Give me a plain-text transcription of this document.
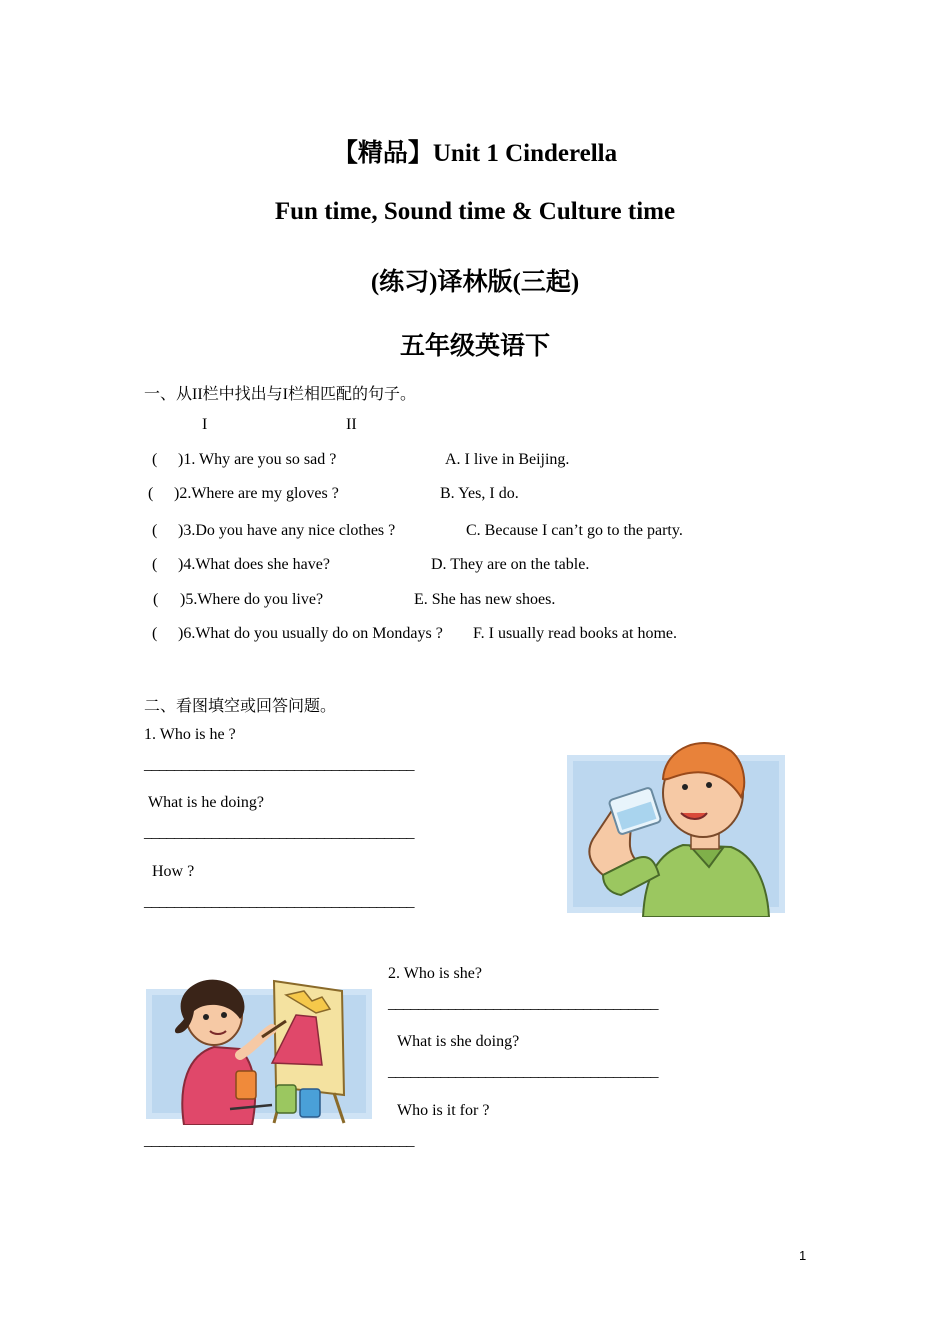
【精品】Unit 1 Cinderella
Fun time, Sound time & Culture time
(练习)译林版(三起)
五年级英语下
一、从II栏中找出与I栏相匹配的句子。
I	II
( )1. Why are you so sad ?	A. I live in Beijing.
( )2.Where are my gloves ?	B. Yes, I do.
( )3.Do you have any nice clothes ?	C. Because I can’t go to the party.
( )4.What does she have?	D. They are on the table.
( )5.Where do you live?	E. She has new shoes.
( )6.What do you usually do on Mondays ? F. I usually read books at home.
二、看图填空或回答问题。
1. Who is he ?
____________________________________
What is he doing?
____________________________________
How ?
____________________________________
2. Who is she?
____________________________________
What is she doing?
____________________________________
Who is it for ?
____________________________________
1
